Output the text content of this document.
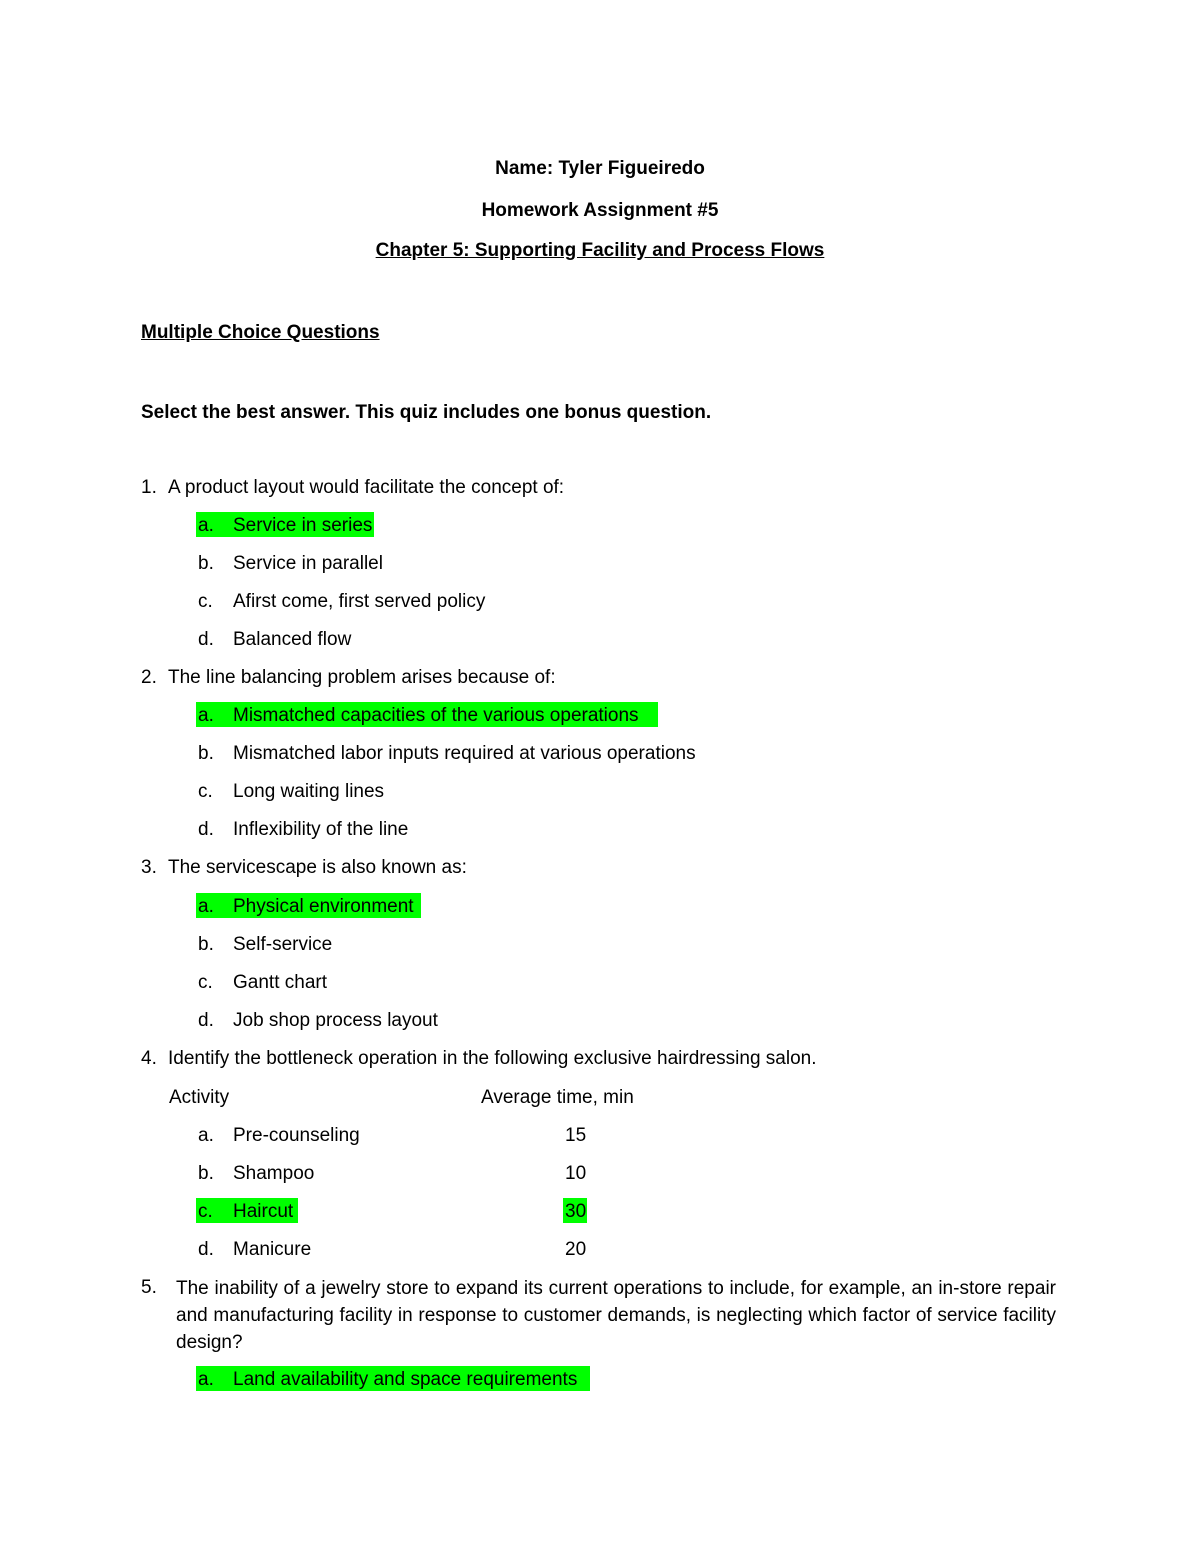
Name: Tyler Figueiredo
Homework Assignment #5
Chapter 5: Supporting Facility and Process Flows
Multiple Choice Questions
Select the best answer. This quiz includes one bonus question.
1. A product layout would facilitate the concept of:
a.	Service in series
b.	Service in parallel
c.	Afirst come, first served policy
d.	Balanced flow
2. The line balancing problem arises because of:
a.	Mismatched capacities of the various operations
b.	Mismatched labor inputs required at various operations
c.	Long waiting lines
d.	Inflexibility of the line
3. The servicescape is also known as:
a.	Physical environment
b.	Self-service
c.	Gantt chart
d.	Job shop process layout
4. Identify the bottleneck operation in the following exclusive hairdressing salon.
Activity	Average time, min
a.	Pre-counseling	15
b.	Shampoo	10
c.	Haircut	30
d.	Manicure	20
5.	The inability of a jewelry store to expand its current operations to include, for example, an in-store repair and manufacturing facility in response to customer demands, is neglecting which factor of service facility design?
a.	Land availability and space requirements
